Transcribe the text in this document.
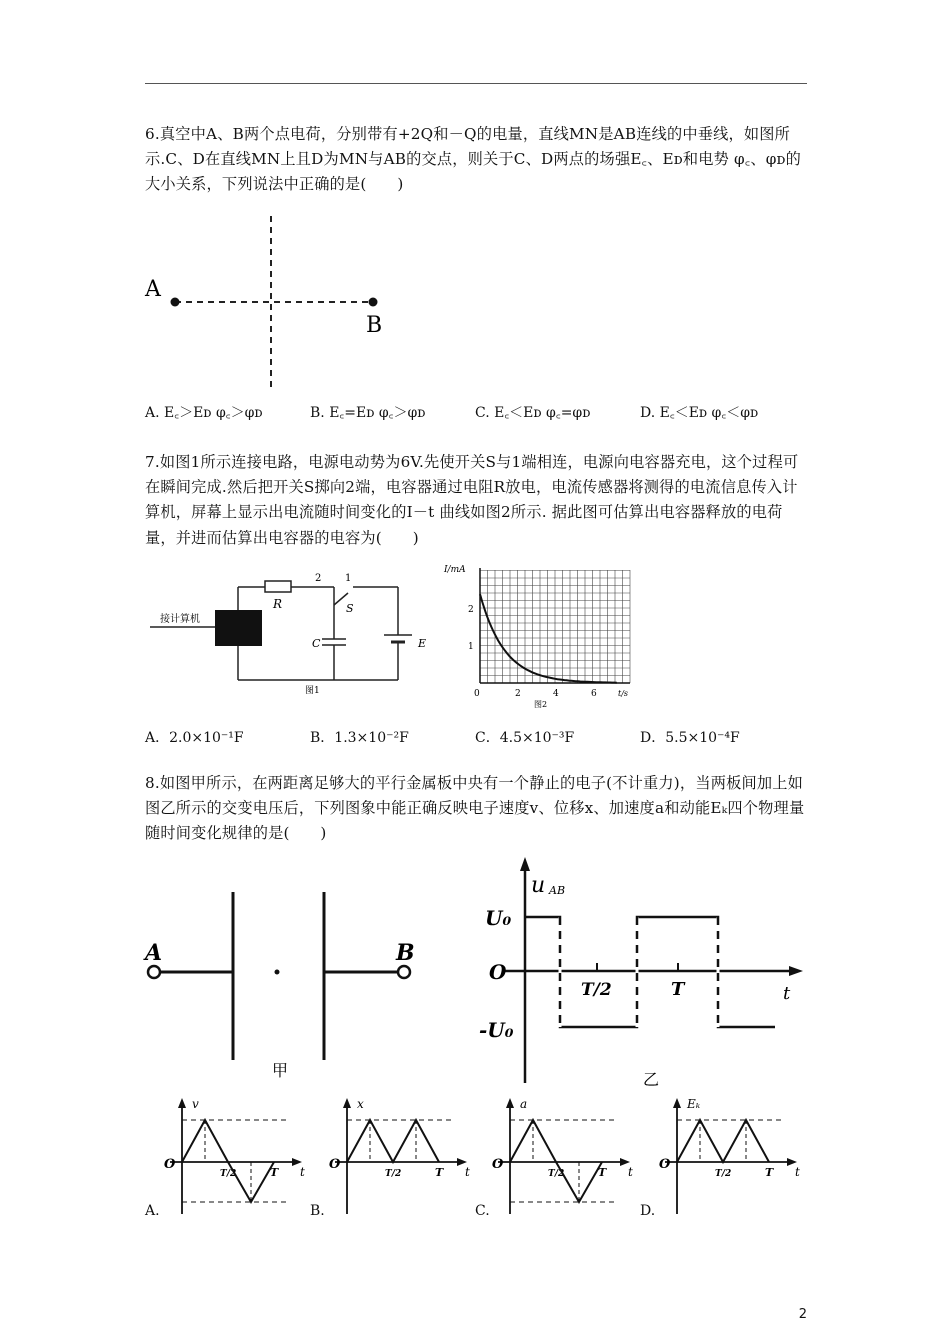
6.真空中A、B两个点电荷，分别带有+2Q和－Q的电量，直线MN是AB连线的中垂线，如图所示.C、D在直线MN上且D为MN与AB的交点，则关于C、D两点的场强E꜀、Eᴅ和电势 φ꜀、φᴅ的大小关系，下列说法中正确的是(　　)
A
B
A. E꜀＞Eᴅ φ꜀＞φᴅ	B. E꜀=Eᴅ φ꜀＞φᴅ	C. E꜀＜Eᴅ φ꜀=φᴅ	D. E꜀＜Eᴅ φ꜀＜φᴅ
7.如图1所示连接电路，电源电动势为6V.先使开关S与1端相连，电源向电容器充电，这个过程可在瞬间完成.然后把开关S掷向2端，电容器通过电阻R放电，电流传感器将测得的电流信息传入计算机，屏幕上显示出电流随时间变化的I－t 曲线如图2所示. 据此图可估算出电容器释放的电荷量，并进而估算出电容器的电容为(　　)
接计算机
R	S
C	E
2 1
图1
I/mA
t/s
2
1
0	2	4	6
图2
A．2.0×10⁻¹F	B．1.3×10⁻²F	C．4.5×10⁻³F	D．5.5×10⁻⁴F
8.如图甲所示，在两距离足够大的平行金属板中央有一个静止的电子(不计重力)，当两板间加上如图乙所示的交变电压后，下列图象中能正确反映电子速度v、位移x、加速度a和动能Eₖ四个物理量随时间变化规律的是(　　)
A	B
甲
u AB
U₀
O
-U₀
T/2	T	t
乙
O	t
v
T/2	T
O	t
x
T/2	T
O	t
a
T/2	T
O	t
Eₖ
T/2	T
A.	B.	C.	D.
2
